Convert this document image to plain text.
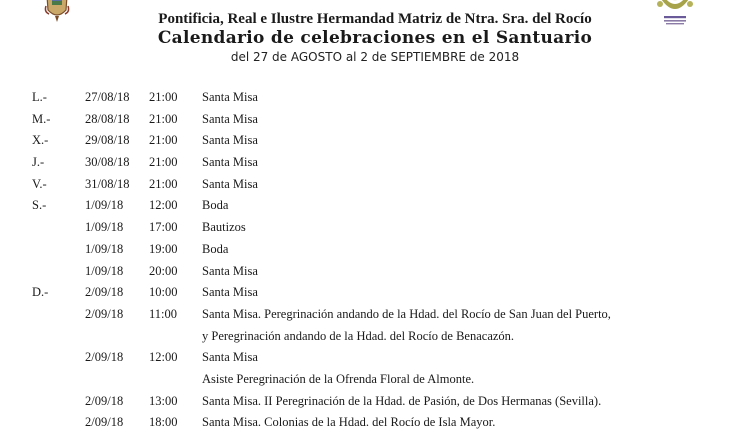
Pontificia, Real e Ilustre Hermandad Matriz de Ntra. Sra. del Rocío
Calendario de celebraciones en el Santuario
del 27 de AGOSTO al 2 de SEPTIEMBRE de 2018
L.-	27/08/18 21:00 Santa Misa
M.-	28/08/18 21:00 Santa Misa
X.-	29/08/18 21:00 Santa Misa
J.-	30/08/18 21:00 Santa Misa
V.-	31/08/18 21:00 Santa Misa
S.-	1/09/18 12:00 Boda
1/09/18 17:00 Bautizos
1/09/18 19:00 Boda
1/09/18 20:00 Santa Misa
D.-	2/09/18 10:00 Santa Misa
2/09/18 11:00 Santa Misa. Peregrinación andando de la Hdad. del Rocío de San Juan del Puerto,
y Peregrinación andando de la Hdad. del Rocío de Benacazón.
2/09/18 12:00 Santa Misa
Asiste Peregrinación de la Ofrenda Floral de Almonte.
2/09/18 13:00 Santa Misa. II Peregrinación de la Hdad. de Pasión, de Dos Hermanas (Sevilla).
2/09/18 18:00 Santa Misa. Colonias de la Hdad. del Rocío de Isla Mayor.
